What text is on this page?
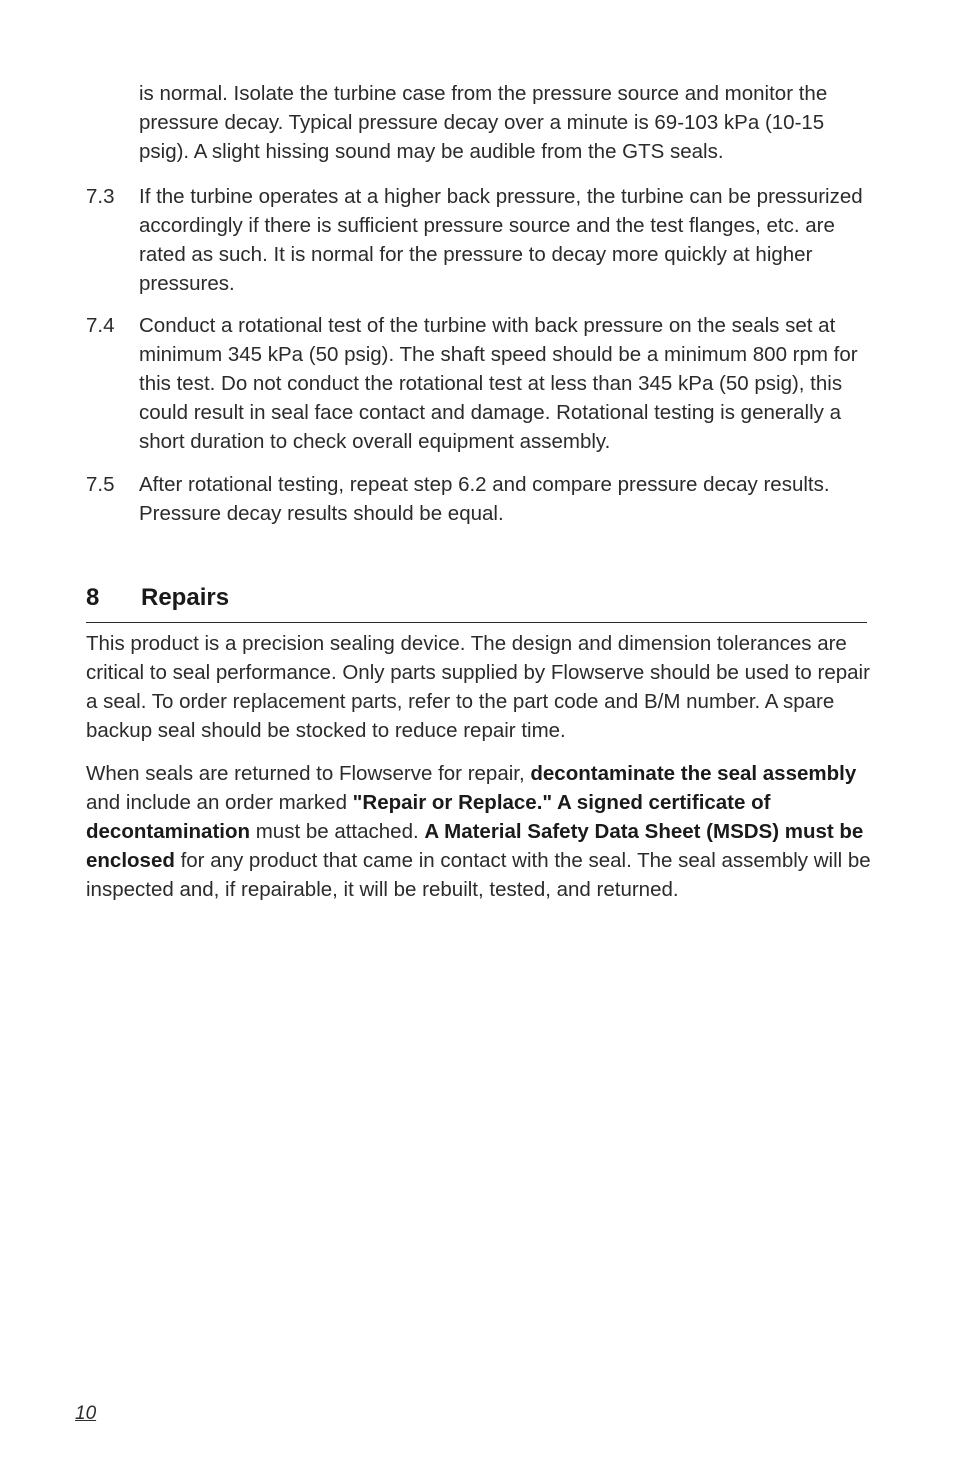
is normal. Isolate the turbine case from the pressure source and monitor the pressure decay. Typical pressure decay over a minute is 69-103 kPa (10-15 psig). A slight hissing sound may be audible from the GTS seals.

7.3	If the turbine operates at a higher back pressure, the turbine can be pressurized accordingly if there is sufficient pressure source and the test flanges, etc. are rated as such. It is normal for the pressure to decay more quickly at higher pressures.

7.4	Conduct a rotational test of the turbine with back pressure on the seals set at minimum 345 kPa (50 psig). The shaft speed should be a minimum 800 rpm for this test. Do not conduct the rotational test at less than 345 kPa (50 psig), this could result in seal face contact and damage. Rotational testing is generally a short duration to check overall equipment assembly.

7.5	After rotational testing, repeat step 6.2 and compare pressure decay results. Pressure decay results should be equal.

8	Repairs

This product is a precision sealing device. The design and dimension tolerances are critical to seal performance. Only parts supplied by Flowserve should be used to repair a seal. To order replacement parts, refer to the part code and B/M number. A spare backup seal should be stocked to reduce repair time.

When seals are returned to Flowserve for repair, decontaminate the seal assembly and include an order marked "Repair or Replace." A signed certificate of decontamination must be attached. A Material Safety Data Sheet (MSDS) must be enclosed for any product that came in contact with the seal. The seal assembly will be inspected and, if repairable, it will be rebuilt, tested, and returned.

10
